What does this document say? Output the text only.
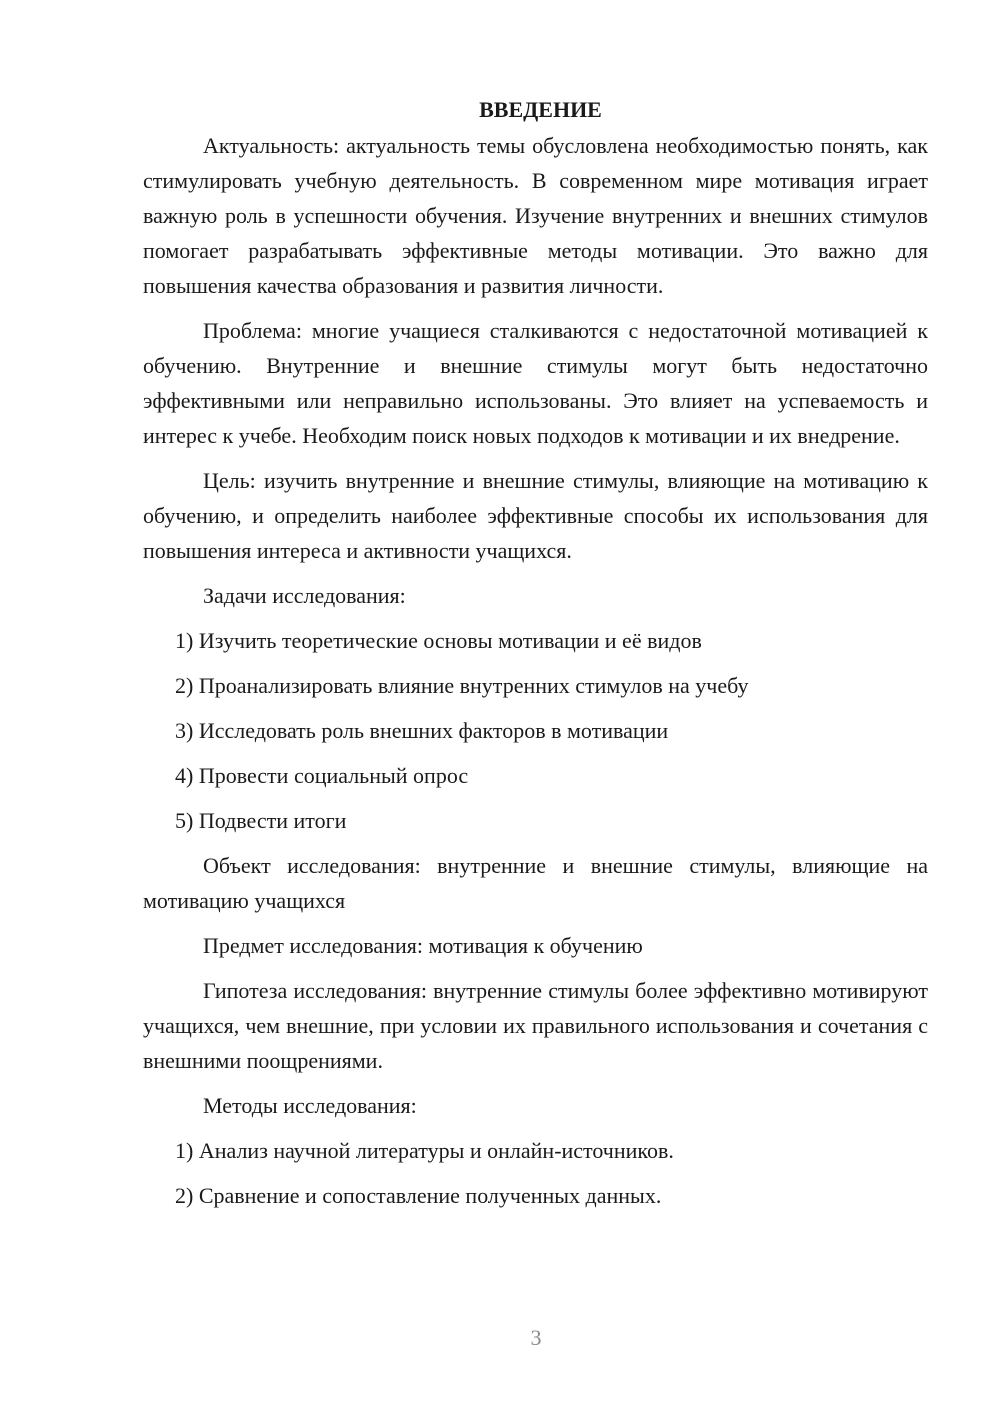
ВВЕДЕНИЕ

Актуальность: актуальность темы обусловлена необходимостью понять, как стимулировать учебную деятельность. В современном мире мотивация играет важную роль в успешности обучения. Изучение внутренних и внешних стимулов помогает разрабатывать эффективные методы мотивации. Это важно для повышения качества образования и развития личности.

Проблема: многие учащиеся сталкиваются с недостаточной мотивацией к обучению. Внутренние и внешние стимулы могут быть недостаточно эффективными или неправильно использованы. Это влияет на успеваемость и интерес к учебе. Необходим поиск новых подходов к мотивации и их внедрение.

Цель: изучить внутренние и внешние стимулы, влияющие на мотивацию к обучению, и определить наиболее эффективные способы их использования для повышения интереса и активности учащихся.

Задачи исследования:

1) Изучить теоретические основы мотивации и её видов

2) Проанализировать влияние внутренних стимулов на учебу

3) Исследовать роль внешних факторов в мотивации

4) Провести социальный опрос

5) Подвести итоги

Объект исследования: внутренние и внешние стимулы, влияющие на мотивацию учащихся

Предмет исследования: мотивация к обучению

Гипотеза исследования: внутренние стимулы более эффективно мотивируют учащихся, чем внешние, при условии их правильного использования и сочетания с внешними поощрениями.

Методы исследования:

1) Анализ научной литературы и онлайн-источников.

2) Сравнение и сопоставление полученных данных.

3
